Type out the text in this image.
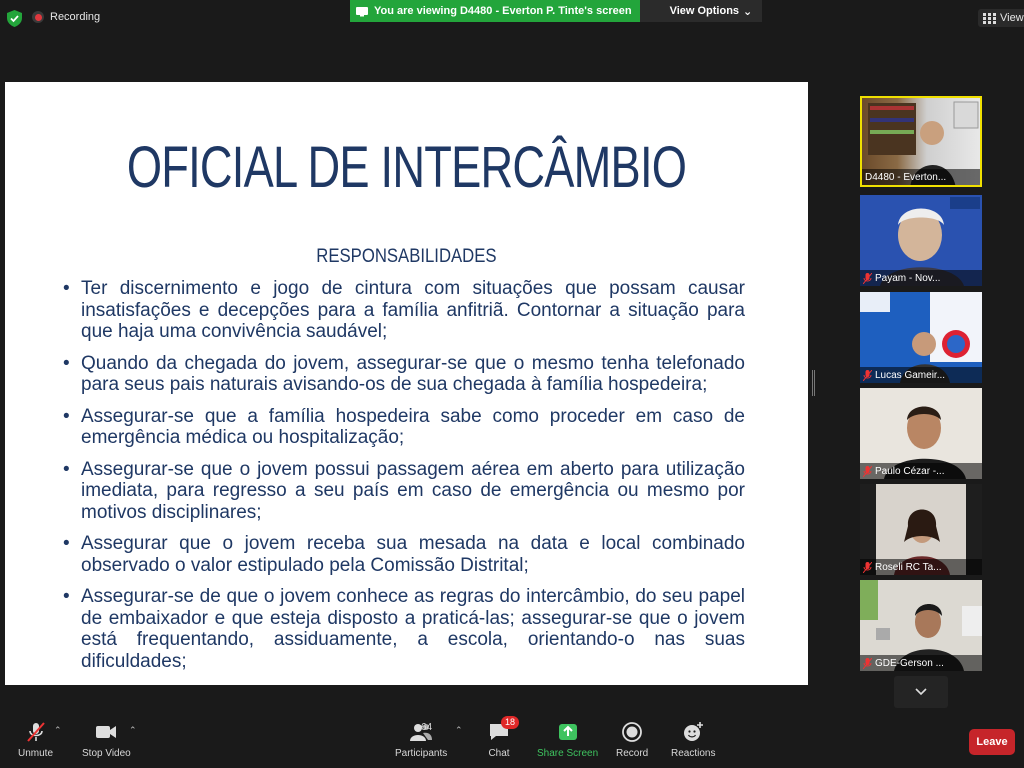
Recording	You are viewing D4480 - Everton P. Tinte's screen	View Options ⌄
View
OFICIAL DE INTERCÂMBIO
RESPONSABILIDADES
• Ter discernimento e jogo de cintura com situações que possam causar insatisfações e decepções para a família anfitriã. Contornar a situação para que haja uma convivência saudável;
• Quando da chegada do jovem, assegurar-se que o mesmo tenha telefonado para seus pais naturais avisando-os de sua chegada à família hospedeira;
• Assegurar-se que a família hospedeira sabe como proceder em caso de emergência médica ou hospitalização;
• Assegurar-se que o jovem possui passagem aérea em aberto para utilização imediata, para regresso a seu país em caso de emergência ou mesmo por motivos disciplinares;
• Assegurar que o jovem receba sua mesada na data e local combinado observado o valor estipulado pela Comissão Distrital;
• Assegurar-se de que o jovem conhece as regras do intercâmbio, do seu papel de embaixador e que esteja disposto a praticá-las; assegurar-se que o jovem está frequentando, assiduamente, a escola, orientando-o nas suas dificuldades;
D4480 - Everton...
Payam - Nov...
Lucas Gameir...
Paulo Cézar -...
Roseli RC Ta...
GDE-Gerson ...
Unmute
⌃
Stop Video
⌃	64
Participants
⌃
18
Chat	Share Screen Record Reactions
Leave
